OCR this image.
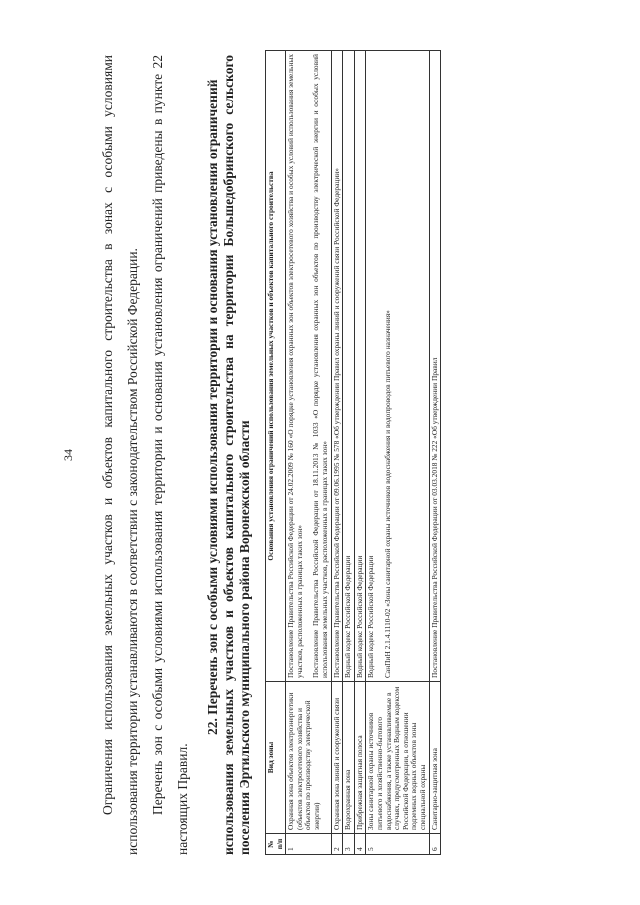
34	Ограничения использования земельных участков и объектов капитального строительства в зонах с особыми условиями использования территории устанавливаются в соответствии с законодательством Российской Федерации. Перечень зон с особыми условиями использования территории и основания установления ограничений приведены в пункте 22 настоящих Правил.

22. Перечень зон с особыми условиями использования территории и основания установления ограничений использования земельных участков и объектов капитального строительства на территории Большедобринского сельского поселения Эртильского муниципального района Воронежской области № п/п	Вид зоны	Основания установления ограничений использования земельных участков и объектов капитального строительства
1	Охранная зона объектов электроэнергетики (объектов электросетевого хозяйства и объектов по производству электрической энергии)	Постановление Правительства Российской Федерации от 24.02.2009 № 160 «О порядке установления охранных зон объектов электросетевого хозяйства и особых условий использования земельных участков, расположенных в границах таких зон» Постановление Правительства Российской Федерации от 18.11.2013 № 1033 «О порядке установления охранных зон объектов по производству электрической энергии и особых условий использования земельных участков, расположенных в границах таких зон»

2	Охранная зона линий и сооружений связи	Постановление Правительства Российской Федерации от 09.06.1995 № 578 «Об утверждении Правил охраны линий и сооружений связи Российской Федерации»

3	Водоохранная зона	Водный кодекс Российской Федерации

4	Прибрежная защитная полоса	Водный кодекс Российской Федерации

5	Зоны санитарной охраны источников питьевого и хозяйственно-бытового водоснабжения, а также устанавливаемые в случаях, предусмотренных Водным кодексом Российской Федерации, в отношении подземных водных объектов зоны специальной охраны	Водный кодекс Российской Федерации СанПиН 2.1.4.1110-02 «Зоны санитарной охраны источников водоснабжения и водопроводов питьевого назначения»

6	Санитарно-защитная зона	Постановление Правительства Российской Федерации от 03.03.2018 № 222 «Об утверждении Правил
